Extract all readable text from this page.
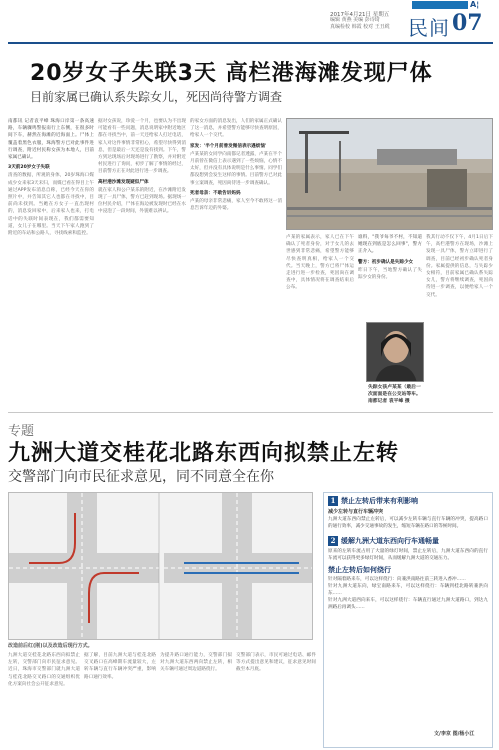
A¦
2017年4月21日 星期五
编辑 黄燕 美编 彭诗琦
真编检校 韩霞 校对 王丑缆 民间 07
20岁女子失联3天 高栏港海滩发现尸体
目前家属已确认系失踪女儿，死因尚待警方调查
南都讯 记者袁平峰 珠海口岸第一条高速路，车辆骤鸣警报南行上东侧，在很多时间下车，赫然在海滩的近海面上。尸体上覆盖着黑色衣服，珠海警方已对此事件进行调查，附近村民称女孩为本地人，目前家属已确认。
3天前20岁女子失联
清查的数据，所观的身体，20岁珠海口媒成少女来家3天未归，而媒已看在得目上午通过APP发布消息自称，已经今天在你的照片中，并告知其它人也都在寻找中，目前尚未找到。当她在方女子一直出现村的，消息发回家中，后来家人也来，打电话中的失联时间表现在，我们都需要知道，女儿子在哪里。当天下午家人跑到了附近的车站和公路人，寻找线索和监控。
据对女孩说，珍爱一个月，也要认为不出现可能看有一些问题，消息说明家中附近地区都在寻找当中，前一天还给家人打过电话，家人对这件事情非常担心，希望尽快得到消息，但是最后一天还是没有找到。下午，警方到达现场后对现场进行了勘察，并对附近村民进行了询问，初步了解了事情的经过，目前警方正在对此进行进一步调查。
高栏港沙滩发现疑似尸体
就在家人和公户某乐的附近，在沙滩附近发现了一具尸体，警方已赶到现场。据现场一位村民介绍，尸体在海边被发现时已经在水中浸泡了一段时间，外貌难以辨认。
的家女方面的消息发出，人们的家属正式确认了这一消息，并希望警方能够尽快查明原因，给家人一个交代。
家发：'半个月前曾发微信表示遇烦恼'
卢某某的女同学向南都记者透露，卢某在半个月前曾在微信上表示遇到了一些烦恼，心情不太好，但并没有具体说明是什么事情。同学们都没想到会发生这样的事情。目前警方已对此事立案调查，死因尚待进一步调查确认。
死者母亲：不敢告诉妈妈
卢某的母亲非常悲痛，家人至今不敢将这一消息告诉年迈的外婆。
卢某的家属表示，家人已在下午确认了死者身份，对于女儿的去世感到非常悲痛，希望警方能够尽快查明真相，给家人一个交代。当天晚上，警方已将尸体运走进行进一步检查，死因尚在调查中，具体情况将在调查结束后公布。
谁料，"我爷每爷不村，不知道她现在到底是怎么回事"，警方正介入。
警方：初步确认是失踪少女
昨日下午，当地警方确认了失踪少女的身份。
我其行动不仅下午，4月1日后下午，高栏港警方在现场，沙滩上发现一具尸体，警方立即进行了调查，目前已经初步确认死者身份。家属提供的信息，与失踪少女相符，目前家属已确认系失踪女儿，警方将继续调查，死因尚待进一步调查，以便给家人一个交代。
失踪女孩卢某某（最后一次面面是在公交站等车。南都记者 袁平峰 摄
专题
九洲大道交桂花北路东西向拟禁止左转
交警部门向市民征求意见，同不同意全在你
改造前后红(刚)以及改造后现行方式。
九洲大道交桂花北路东西向拟禁止左转，交警部门向市民征求意见。近日，珠海市交警部门就九洲大道与桂花北路交叉路口的交通组织优化方案向社会公开征求意见。
据了解，目前九洲大道与桂花北路交叉路口在高峰期车流量较大，左转车辆与直行车辆冲突严重，影响路口通行效率。
为提升路口通行能力，交警部门拟对九洲大道东西两向禁止左转，相关车辆可通过周边道路绕行。
交警部门表示，市民可通过电话、邮件等方式提出意见和建议，征求意见时间截至本月底。
1 禁止左转后带来有利影响
减少左转与直行车辆冲突
九洲大道东西向禁止左转后，可以减少左转车辆与直行车辆的冲突，提高路口的通行效率，减少交通事故的发生，缩短车辆在路口的等候时间。
2 缓解九洲大道东西向行车通畅量
原来的左转车流占用了大量的绿灯时间，禁止左转后，九洲大道东西向的直行车流可以获得更多绿灯时间，从而缓解九洲大道的交通压力。
禁止左转后如何绕行
针对隔着路来车，可以这样绕行：向兼洪南路往前三转进入香冲……
针对九洲大道东向，绿宝南路来车，可以这样绕行：车辆到桂北路转兼洪向东……
针对九洲大道西向来车，可以这样绕行：车辆直行通过九洲大道路口，到达九洲路后再调头……
文/李京 图/杨小江
